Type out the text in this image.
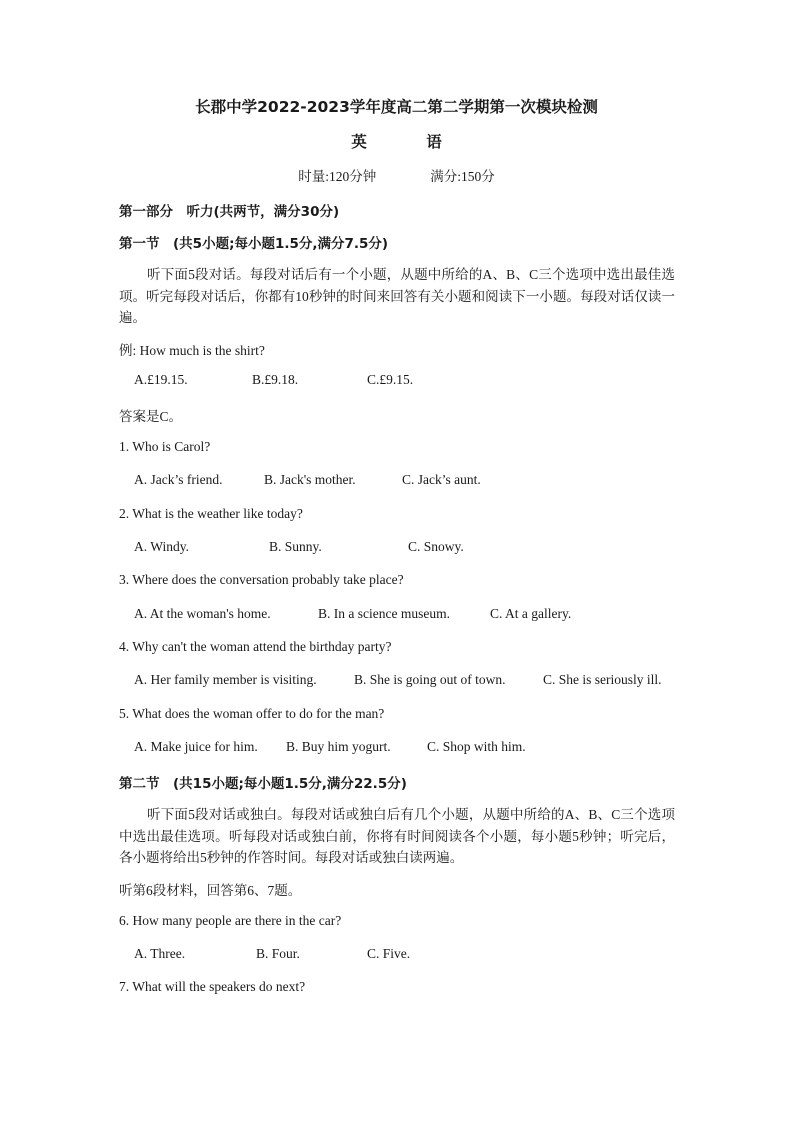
长郡中学2022-2023学年度高二第二学期第一次模块检测
英　语
时量:120分钟	满分:150分
第一部分　听力(共两节，满分30分)
第一节　(共5小题;每小题1.5分,满分7.5分)
听下面5段对话。每段对话后有一个小题，从题中所给的A、B、C三个选项中选出最佳选项。听完每段对话后，你都有10秒钟的时间来回答有关小题和阅读下一小题。每段对话仅读一遍。
例: How much is the shirt?
A.£19.15.	B.£9.18.	C.£9.15.
答案是C。
1. Who is Carol?
A. Jack’s friend.	B. Jack's mother.	C. Jack’s aunt.
2. What is the weather like today?
A. Windy.	B. Sunny.	C. Snowy.
3. Where does the conversation probably take place?
A. At the woman's home.	B. In a science museum.	C. At a gallery.
4. Why can't the woman attend the birthday party?
A. Her family member is visiting.	B. She is going out of town.	C. She is seriously ill.
5. What does the woman offer to do for the man?
A. Make juice for him. B. Buy him yogurt.	C. Shop with him.
第二节　(共15小题;每小题1.5分,满分22.5分)
听下面5段对话或独白。每段对话或独白后有几个小题，从题中所给的A、B、C三个选项中选出最佳选项。听每段对话或独白前，你将有时间阅读各个小题，每小题5秒钟；听完后，各小题将给出5秒钟的作答时间。每段对话或独白读两遍。
听第6段材料，回答第6、7题。
6. How many people are there in the car?
A. Three.	B. Four.	C. Five.
7. What will the speakers do next?
